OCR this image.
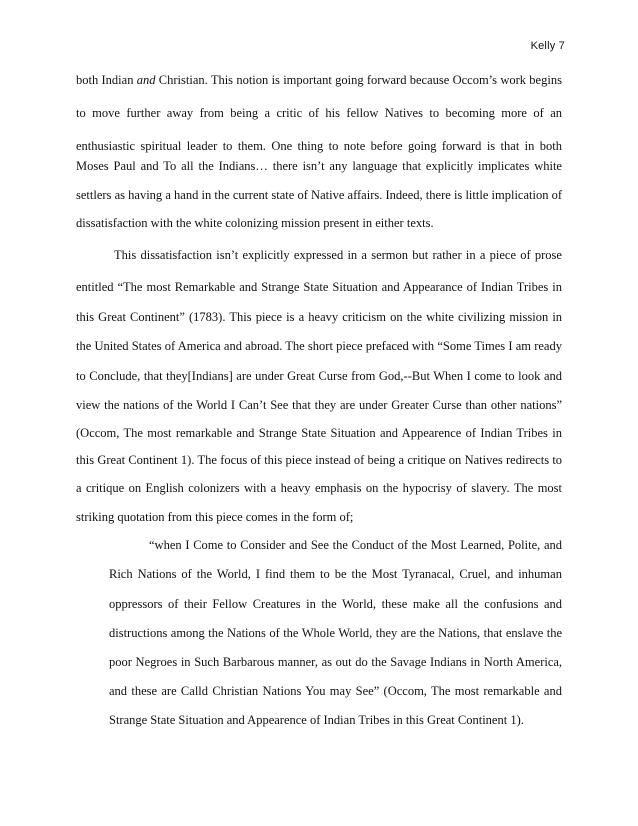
Kelly 7
both Indian and Christian. This notion is important going forward because Occom’s work begins
to move further away from being a critic of his fellow Natives to becoming more of an
enthusiastic spiritual leader to them. One thing to note before going forward is that in both
Moses Paul and To all the Indians… there isn’t any language that explicitly implicates white
settlers as having a hand in the current state of Native affairs. Indeed, there is little implication of
dissatisfaction with the white colonizing mission present in either texts.
This dissatisfaction isn’t explicitly expressed in a sermon but rather in a piece of prose
entitled “The most Remarkable and Strange State Situation and Appearance of Indian Tribes in
this Great Continent” (1783). This piece is a heavy criticism on the white civilizing mission in
the United States of America and abroad. The short piece prefaced with “Some Times I am ready
to Conclude, that they[Indians] are under Great Curse from God,--But When I come to look and
view the nations of the World I Can’t See that they are under Greater Curse than other nations”
(Occom, The most remarkable and Strange State Situation and Appearence of Indian Tribes in
this Great Continent 1). The focus of this piece instead of being a critique on Natives redirects to
a critique on English colonizers with a heavy emphasis on the hypocrisy of slavery. The most
striking quotation from this piece comes in the form of;
“when I Come to Consider and See the Conduct of the Most Learned, Polite, and
Rich Nations of the World, I find them to be the Most Tyranacal, Cruel, and inhuman
oppressors of their Fellow Creatures in the World, these make all the confusions and
distructions among the Nations of the Whole World, they are the Nations, that enslave the
poor Negroes in Such Barbarous manner, as out do the Savage Indians in North America,
and these are Calld Christian Nations You may See” (Occom, The most remarkable and
Strange State Situation and Appearence of Indian Tribes in this Great Continent 1).
